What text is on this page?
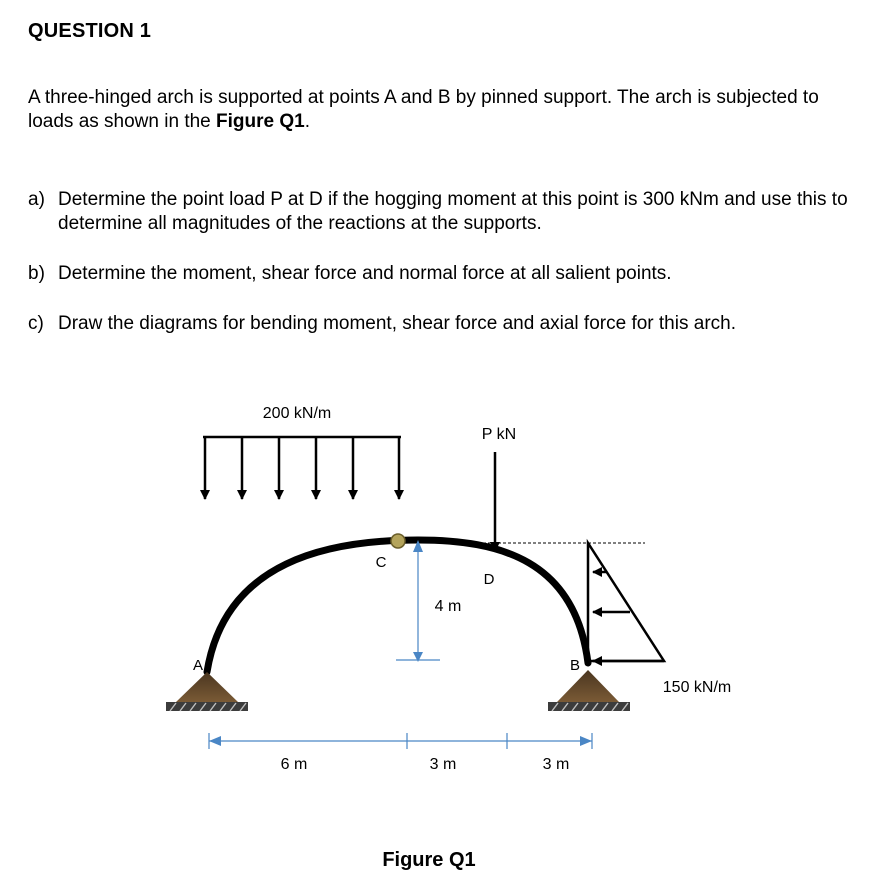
QUESTION 1
A three-hinged arch is supported at points A and B by pinned support. The arch is subjected to loads as shown in the Figure Q1.
a) Determine the point load P at D if the hogging moment at this point is 300 kNm and use this to determine all magnitudes of the reactions at the supports.
b) Determine the moment, shear force and normal force at all salient points.
c) Draw the diagrams for bending moment, shear force and axial force for this arch.
200 kN/m
P kN
C
D
4 m
150 kN/m
A	B
6 m	3 m	3 m
Figure Q1
